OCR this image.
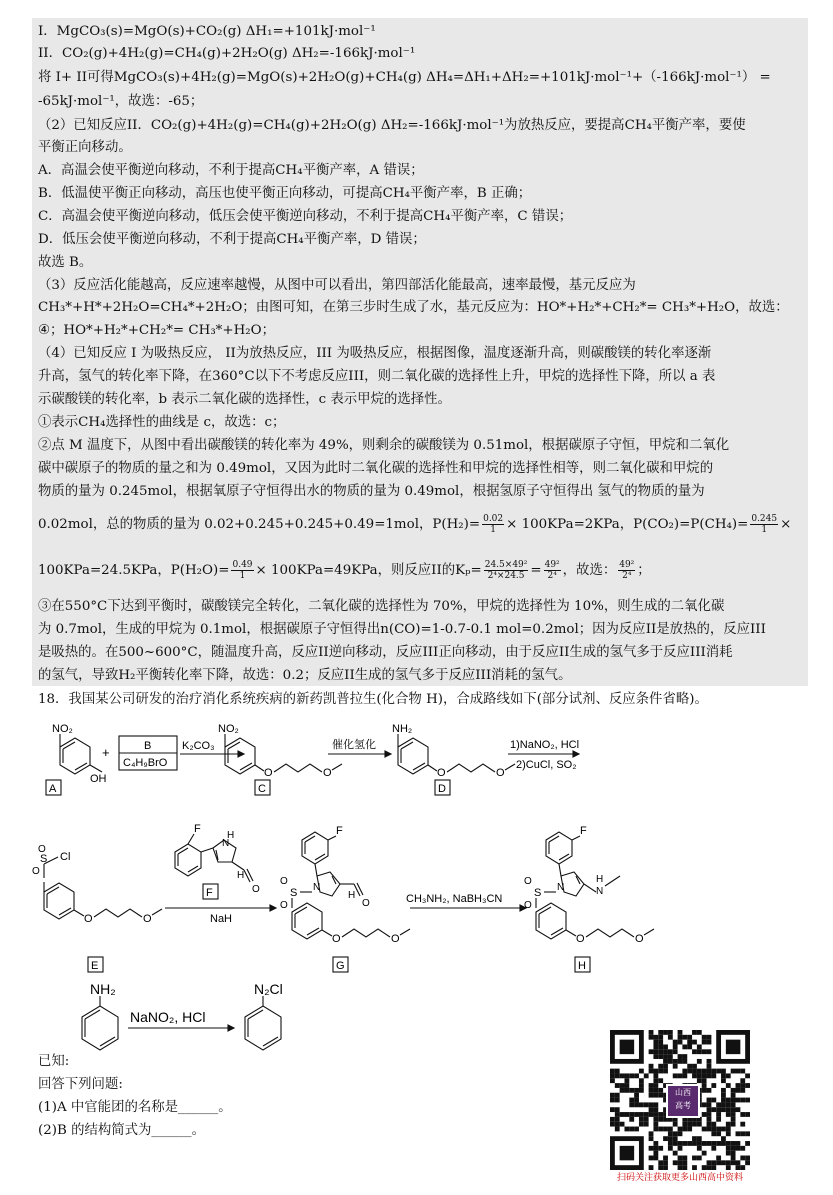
I．MgCO₃(s)=MgO(s)+CO₂(g) ΔH₁=+101kJ·mol⁻¹
II．CO₂(g)+4H₂(g)=CH₄(g)+2H₂O(g) ΔH₂=-166kJ·mol⁻¹
将 I+ II可得MgCO₃(s)+4H₂(g)=MgO(s)+2H₂O(g)+CH₄(g) ΔH₄=ΔH₁+ΔH₂=+101kJ·mol⁻¹+（-166kJ·mol⁻¹） =
-65kJ·mol⁻¹，故选：-65；
（2）已知反应II．CO₂(g)+4H₂(g)=CH₄(g)+2H₂O(g) ΔH₂=-166kJ·mol⁻¹为放热反应，要提高CH₄平衡产率，要使
平衡正向移动。
A．高温会使平衡逆向移动，不利于提高CH₄平衡产率，A 错误；
B．低温使平衡正向移动，高压也使平衡正向移动，可提高CH₄平衡产率，B 正确；
C．高温会使平衡逆向移动，低压会使平衡逆向移动，不利于提高CH₄平衡产率，C 错误；
D．低压会使平衡逆向移动，不利于提高CH₄平衡产率，D 错误；
故选 B。
（3）反应活化能越高，反应速率越慢，从图中可以看出，第四部活化能最高，速率最慢，基元反应为
CH₃*+H*+2H₂O=CH₄*+2H₂O；由图可知，在第三步时生成了水，基元反应为：HO*+H₂*+CH₂*= CH₃*+H₂O，故选：
④；HO*+H₂*+CH₂*= CH₃*+H₂O；
（4）已知反应 I 为吸热反应， II为放热反应，III 为吸热反应，根据图像，温度逐渐升高，则碳酸镁的转化率逐渐
升高，氢气的转化率下降，在360°C以下不考虑反应III，则二氧化碳的选择性上升，甲烷的选择性下降，所以 a 表
示碳酸镁的转化率，b 表示二氧化碳的选择性，c 表示甲烷的选择性。
①表示CH₄选择性的曲线是 c，故选：c；
②点 M 温度下，从图中看出碳酸镁的转化率为 49%，则剩余的碳酸镁为 0.51mol，根据碳原子守恒，甲烷和二氧化
碳中碳原子的物质的量之和为 0.49mol，又因为此时二氧化碳的选择性和甲烷的选择性相等，则二氧化碳和甲烷的
物质的量为 0.245mol，根据氧原子守恒得出水的物质的量为 0.49mol，根据氢原子守恒得出 氢气的物质的量为
0.02mol，总的物质的量为 0.02+0.245+0.245+0.49=1mol，$P(H_2)= \frac{0.02}{1} \times 100KPa=2KPa$，$P(CO_2)=P(CH_4)= \frac{0.245}{1}$ ×
100KPa=24.5KPa，$P(H_2O)= \frac{0.49}{1} \times 100KPa=49KPa$，则反应II的$K_p= \frac{\text{24.5×49²}}{\text{2⁴×24.5}} = \frac{\text{49²}}{\text{2⁴}}$ ，故选： $\frac{\text{49²}}{\text{2⁴}}$ ；
③在550°C下达到平衡时，碳酸镁完全转化，二氧化碳的选择性为 70%，甲烷的选择性为 10%，则生成的二氧化碳
为 0.7mol，生成的甲烷为 0.1mol，根据碳原子守恒得出n(CO)=1-0.7-0.1 mol=0.2mol；因为反应II是放热的，反应III
是吸热的。在500~600°C，随温度升高，反应II逆向移动，反应III正向移动，由于反应II生成的氢气多于反应III消耗
的氢气，导致H₂平衡转化率下降，故选：0.2；反应II生成的氢气多于反应III消耗的氢气。
18．我国某公司研发的治疗消化系统疾病的新药凯普拉生(化合物 H)，合成路线如下(部分试剂、反应条件省略)。
NO₂
OH
+	B
C₄H₉BrO
K₂CO₃
NO₂
O	O
催化氢化
NH₂
O	O
1)NaNO₂, HCl
2)CuCl, SO₂
A	C	D
S Cl
O
O
O	O
E
F
H
N
O
H
F
NaH
F
N
S
O
O	O
H
O	O
G
CH₃NH₂, NaBH₃CN
F
N
S
O
O
N
H
O	O
H
NH₂
NaNO₂, HCl
N₂Cl
已知:
回答下列问题:
(1)A 中官能团的名称是______。
(2)B 的结构简式为______。
山西
高考
扫码关注获取更多山西高中资料
